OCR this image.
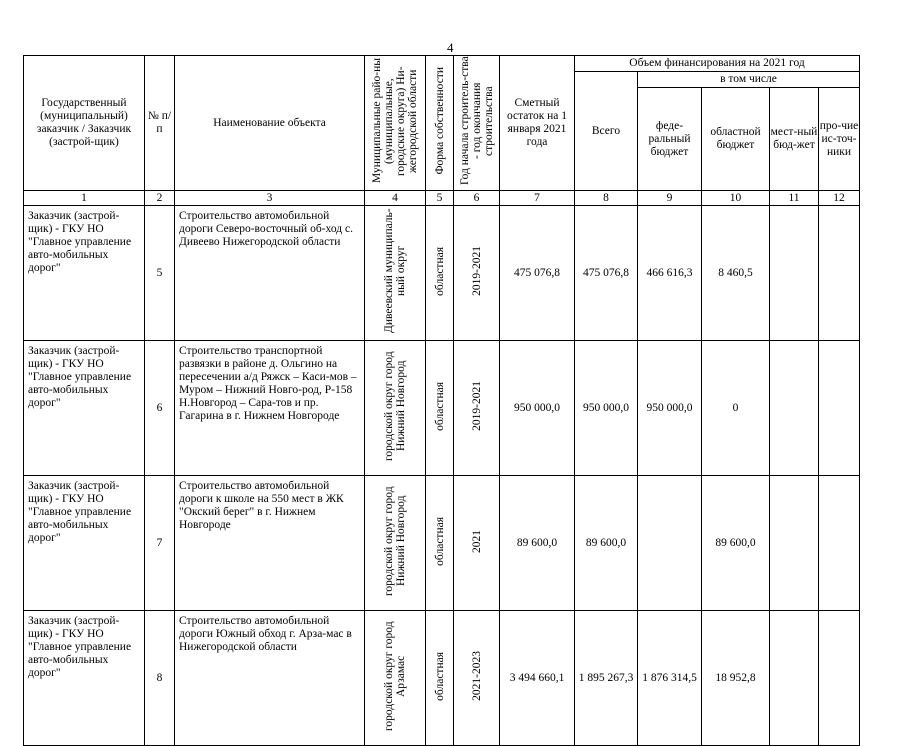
4
Государственный (муниципальный) заказчик / Заказчик (застрой-щик)	№ п/п	Наименование объекта	Муниципальные райо-ны (муниципальные, городские округа) Ни-жегородской области	Форма собственности	Год начала строитель-ства - год окончания строительства	Сметный остаток на 1 января 2021 года	Объем финансирования на 2021 год				
							Всего	в том числе			
								феде-ральный бюджет	областной бюджет	мест-ный бюд-жет	про-чие ис-точ-ники
1	2	3	4	5	6	7	8	9	10	11	12
Заказчик (застрой-щик) - ГКУ НО "Главное управление авто-мобильных дорог"	5	Строительство автомобильной дороги Северо-восточный об-ход с. Дивеево Нижегородской области	Дивеевский муниципаль-ный округ	областная	2019-2021	475 076,8	475 076,8	466 616,3	8 460,5		
Заказчик (застрой-щик) - ГКУ НО "Главное управление авто-мобильных дорог"	6	Строительство транспортной развязки в районе д. Ольгино на пересечении а/д Ряжск – Каси-мов – Муром – Нижний Новго-род, Р-158 Н.Новгород – Сара-тов и пр. Гагарина в г. Нижнем Новгороде	городской округ город Нижний Новгород	областная	2019-2021	950 000,0	950 000,0	950 000,0	0		
Заказчик (застрой-щик) - ГКУ НО "Главное управление авто-мобильных дорог"	7	Строительство автомобильной дороги к школе на 550 мест в ЖК "Окский берег" в г. Нижнем Новгороде	городской округ город Нижний Новгород	областная	2021	89 600,0	89 600,0		89 600,0		
Заказчик (застрой-щик) - ГКУ НО "Главное управление авто-мобильных дорог"	8	Строительство автомобильной дороги Южный обход г. Арза-мас в Нижегородской области	городской округ город Арзамас	областная	2021-2023	3 494 660,1	1 895 267,3	1 876 314,5	18 952,8		
